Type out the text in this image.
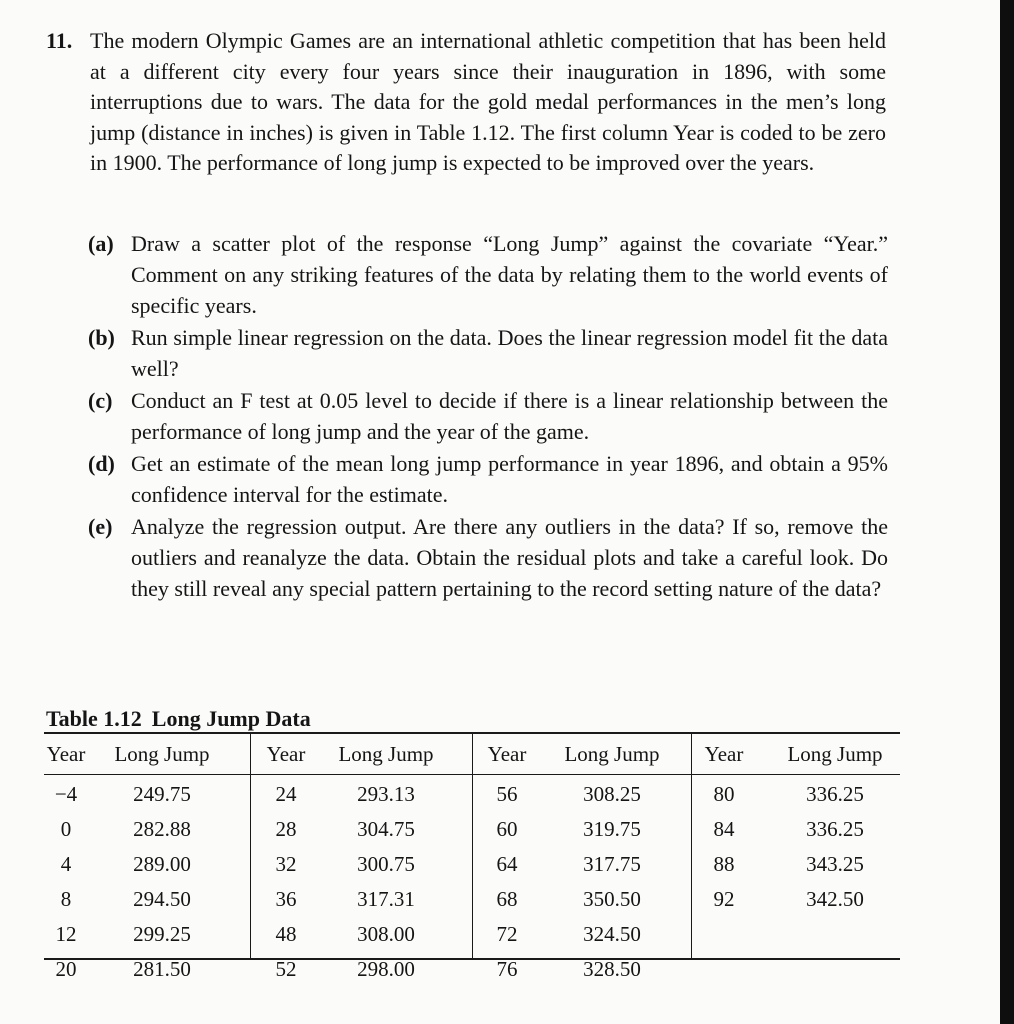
11. The modern Olympic Games are an international athletic competition that has been held at a different city every four years since their inauguration in 1896, with some interruptions due to wars. The data for the gold medal performances in the men’s long jump (distance in inches) is given in Table 1.12. The first column Year is coded to be zero in 1900. The performance of long jump is expected to be improved over the years.
(a) Draw a scatter plot of the response “Long Jump” against the covariate “Year.” Comment on any striking features of the data by relating them to the world events of specific years.
(b) Run simple linear regression on the data. Does the linear regression model fit the data well?
(c) Conduct an F test at 0.05 level to decide if there is a linear relationship between the performance of long jump and the year of the game.
(d) Get an estimate of the mean long jump performance in year 1896, and obtain a 95% confidence interval for the estimate.
(e) Analyze the regression output. Are there any outliers in the data? If so, remove the outliers and reanalyze the data. Obtain the residual plots and take a careful look. Do they still reveal any special pattern pertaining to the record setting nature of the data?
Table 1.12 Long Jump Data
Year Long Jump	Year Long Jump	Year Long Jump Year Long Jump
−4
0
4
8
12
20
249.75
282.88
289.00
294.50
299.25
281.50
24
28
32
36
48
52
293.13
304.75
300.75
317.31
308.00
298.00
56
60
64
68
72
76
308.25
319.75
317.75
350.50
324.50
328.50
80
84
88
92
336.25
336.25
343.25
342.50
